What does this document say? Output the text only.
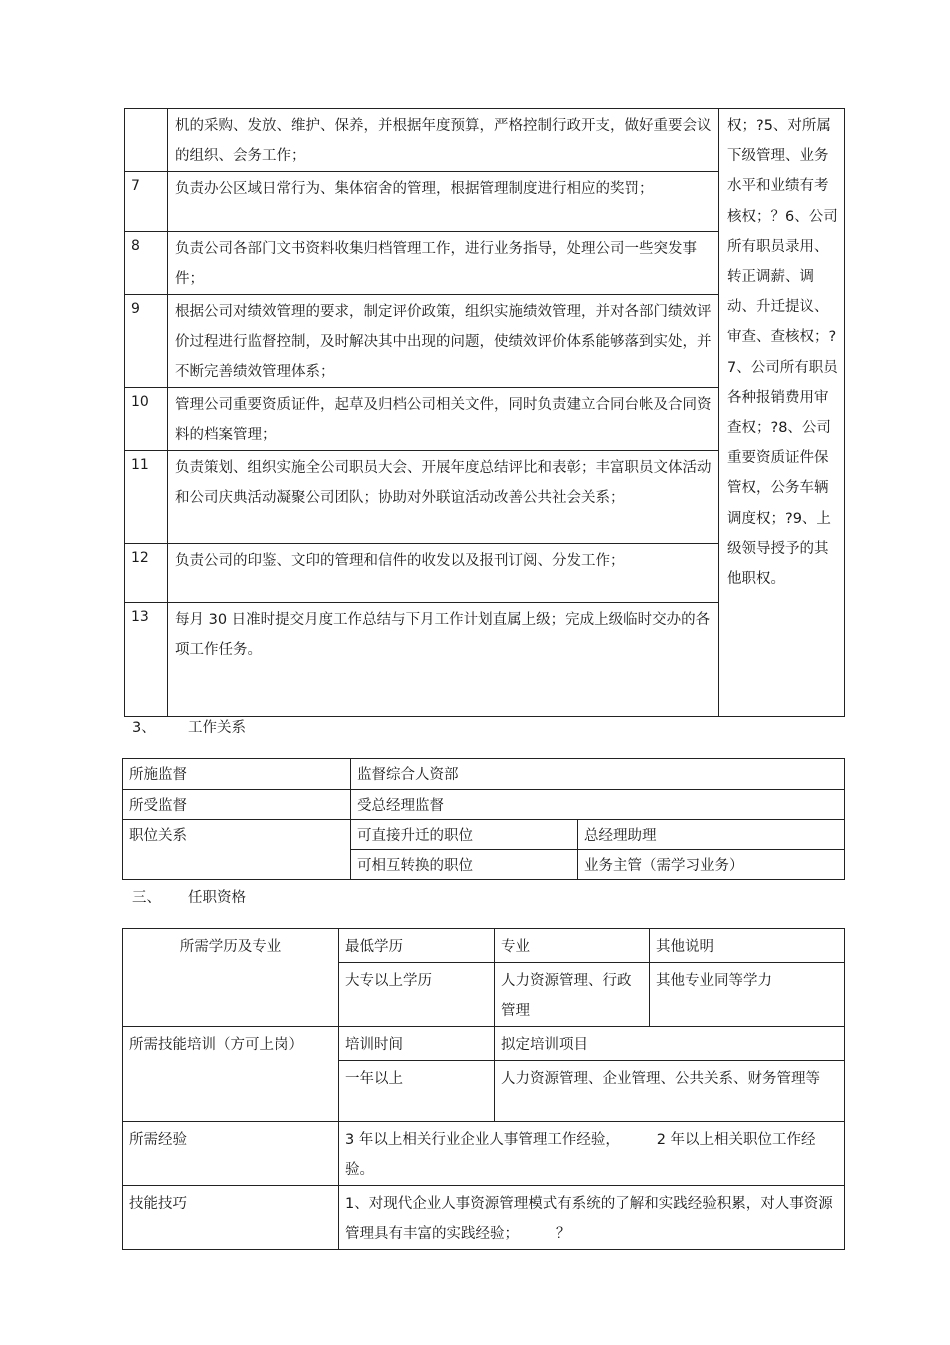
	机的采购、发放、维护、保养，并根据年度预算，严格控制行政开支，做好重要会议的组织、会务工作；	权；?5、对所属下级管理、业务水平和业绩有考核权；？6、公司所有职员录用、转正调薪、调动、升迁提议、审查、查核权；?7、公司所有职员各种报销费用审查权；?8、公司重要资质证件保管权，公务车辆调度权；?9、上级领导授予的其他职权。
7	负责办公区域日常行为、集体宿舍的管理，根据管理制度进行相应的奖罚；	
8	负责公司各部门文书资料收集归档管理工作，进行业务指导，处理公司一些突发事件；	
9	根据公司对绩效管理的要求，制定评价政策，组织实施绩效管理，并对各部门绩效评价过程进行监督控制，及时解决其中出现的问题，使绩效评价体系能够落到实处，并不断完善绩效管理体系；	
10	管理公司重要资质证件，起草及归档公司相关文件，同时负责建立合同台帐及合同资料的档案管理；	
11	负责策划、组织实施全公司职员大会、开展年度总结评比和表彰；丰富职员文体活动和公司庆典活动凝聚公司团队；协助对外联谊活动改善公共社会关系；	
12	负责公司的印鉴、文印的管理和信件的收发以及报刊订阅、分发工作；	
13	每月 30 日准时提交月度工作总结与下月工作计划直属上级；完成上级临时交办的各项工作任务。	
3、 工作关系
所施监督	监督综合人资部	
所受监督	受总经理监督	
职位关系	可直接升迁的职位	总经理助理
	可相互转换的职位	业务主管（需学习业务）
三、 任职资格
所需学历及专业	最低学历	专业	其他说明
	大专以上学历	人力资源管理、行政管理	其他专业同等学力
所需技能培训（方可上岗）	培训时间	拟定培训项目	
	一年以上	人力资源管理、企业管理、公共关系、财务管理等	
所需经验	3 年以上相关行业企业人事管理工作经验，        2 年以上相关职位工作经验。		
技能技巧	1、对现代企业人事资源管理模式有系统的了解和实践经验积累，对人事资源管理具有丰富的实践经验；        ？		
